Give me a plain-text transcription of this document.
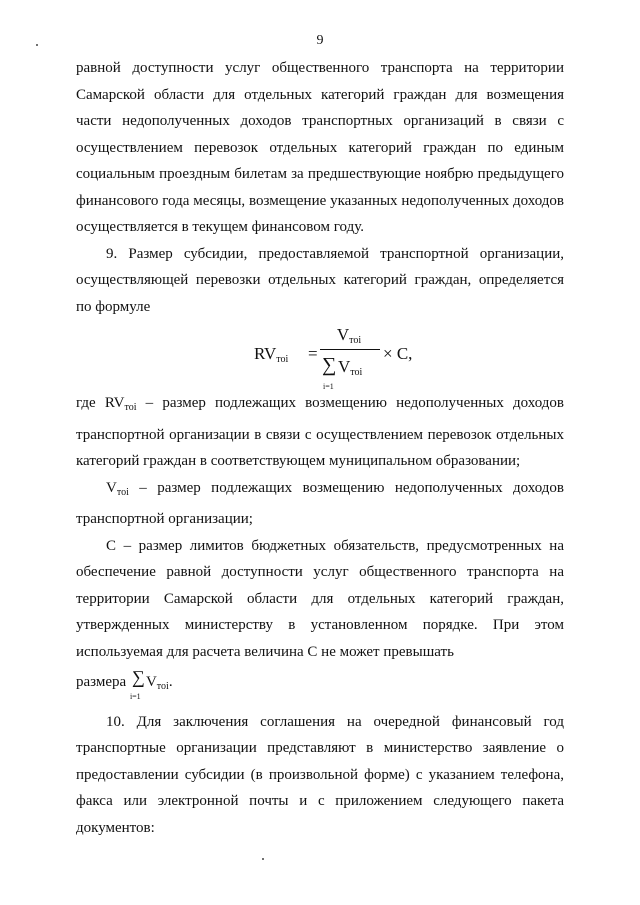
9

равной доступности услуг общественного транспорта на территории Самарской области для отдельных категорий граждан для возмещения части недополученных доходов транспортных организаций в связи с осуществлением перевозок отдельных категорий граждан по единым социальным проездным билетам за предшествующие ноябрю предыдущего финансового года месяцы, возмещение указанных недополученных доходов осуществляется в текущем финансовом году.

9. Размер субсидии, предоставляемой транспортной организации, осуществляющей перевозки отдельных категорий граждан, определяется по формуле

$RV_{тоi}$ =
$V_{тоi}$
∑ $V_{тоi}$
i=1
× C,

где $RV_{тоi}$ – размер подлежащих возмещению недополученных доходов транспортной организации в связи с осуществлением перевозок отдельных категорий граждан в соответствующем муниципальном образовании;

$V_{тоi}$ – размер подлежащих возмещению недополученных доходов транспортной организации;

С – размер лимитов бюджетных обязательств, предусмотренных на обеспечение равной доступности услуг общественного транспорта на территории Самарской области для отдельных категорий граждан, утвержденных министерству в установленном порядке. При этом используемая для расчета величина С не может превышать

размера ∑
i=1
$V_{тоi}$.

10. Для заключения соглашения на очередной финансовый год транспортные организации представляют в министерство заявление о предоставлении субсидии (в произвольной форме) с указанием телефона, факса или электронной почты и с приложением следующего пакета документов:
